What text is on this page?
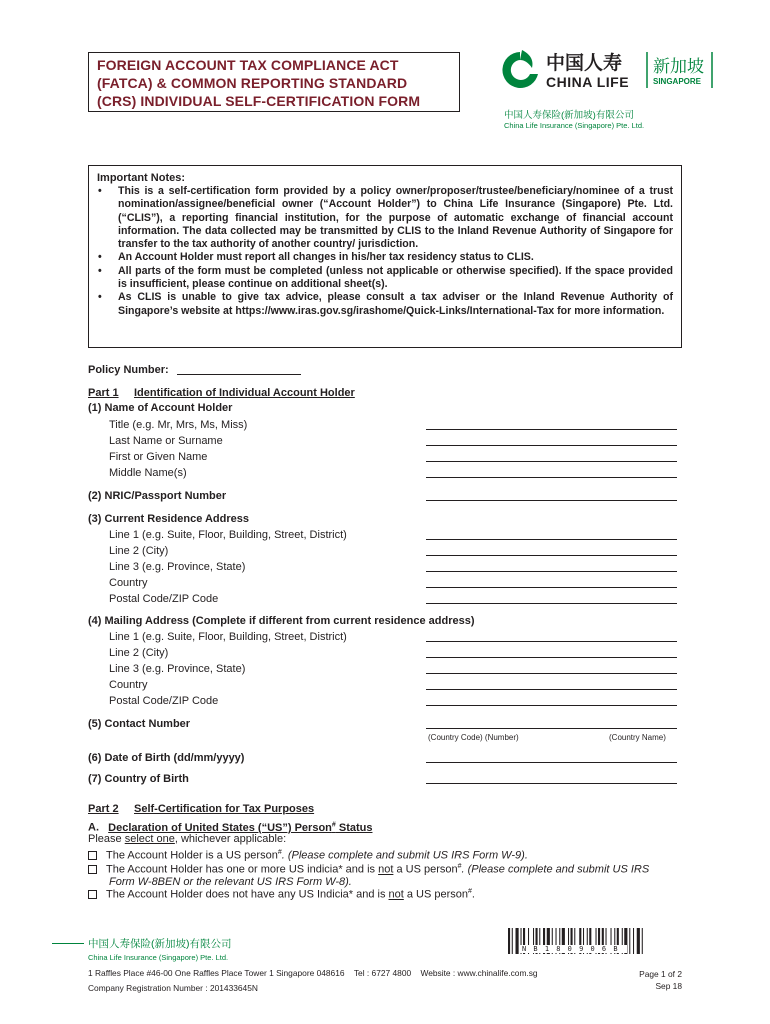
FOREIGN ACCOUNT TAX COMPLIANCE ACT
(FATCA) & COMMON REPORTING STANDARD
(CRS) INDIVIDUAL SELF-CERTIFICATION FORM
中国人寿
CHINA LIFE
新加坡
SINGAPORE
中国人寿保险(新加坡)有限公司
China Life Insurance (Singapore) Pte. Ltd.
Important Notes:
• This is a self-certification form provided by a policy owner/proposer/trustee/beneficiary/nominee of a trust nomination/assignee/beneficial owner (“Account Holder”) to China Life Insurance (Singapore) Pte. Ltd. (“CLIS”), a reporting financial institution, for the purpose of automatic exchange of financial account information. The data collected may be transmitted by CLIS to the Inland Revenue Authority of Singapore for transfer to the tax authority of another country/ jurisdiction.
• An Account Holder must report all changes in his/her tax residency status to CLIS.
• All parts of the form must be completed (unless not applicable or otherwise specified). If the space provided is insufficient, please continue on additional sheet(s).
• As CLIS is unable to give tax advice, please consult a tax adviser or the Inland Revenue Authority of Singapore’s website at https://www.iras.gov.sg/irashome/Quick-Links/International-Tax for more information.
Policy Number:
Part 1 Identification of Individual Account Holder
(1) Name of Account Holder
Title (e.g. Mr, Mrs, Ms, Miss)
Last Name or Surname
First or Given Name
Middle Name(s)
(2) NRIC/Passport Number
(3) Current Residence Address
Line 1 (e.g. Suite, Floor, Building, Street, District)
Line 2 (City)
Line 3 (e.g. Province, State)
Country
Postal Code/ZIP Code
(4) Mailing Address (Complete if different from current residence address)
Line 1 (e.g. Suite, Floor, Building, Street, District)
Line 2 (City)
Line 3 (e.g. Province, State)
Country
Postal Code/ZIP Code
(5) Contact Number
(Country Code) (Number)	(Country Name)
(6) Date of Birth (dd/mm/yyyy)
(7) Country of Birth
Part 2 Self-Certification for Tax Purposes
A. Declaration of United States (“US”) Person# Status
Please select one, whichever applicable:
The Account Holder is a US person#. (Please complete and submit US IRS Form W-9).
The Account Holder has one or more US indicia* and is not a US person#. (Please complete and submit US IRS
Form W-8BEN or the relevant US IRS Form W-8).
The Account Holder does not have any US Indicia* and is not a US person#.
中国人寿保险(新加坡)有限公司
China Life Insurance (Singapore) Pte. Ltd.
NB180906B
1 Raffles Place #46-00 One Raffles Place Tower 1 Singapore 048616 Tel : 6727 4800 Website : www.chinalife.com.sg
Company Registration Number : 201433645N
Page 1 of 2
Sep 18
